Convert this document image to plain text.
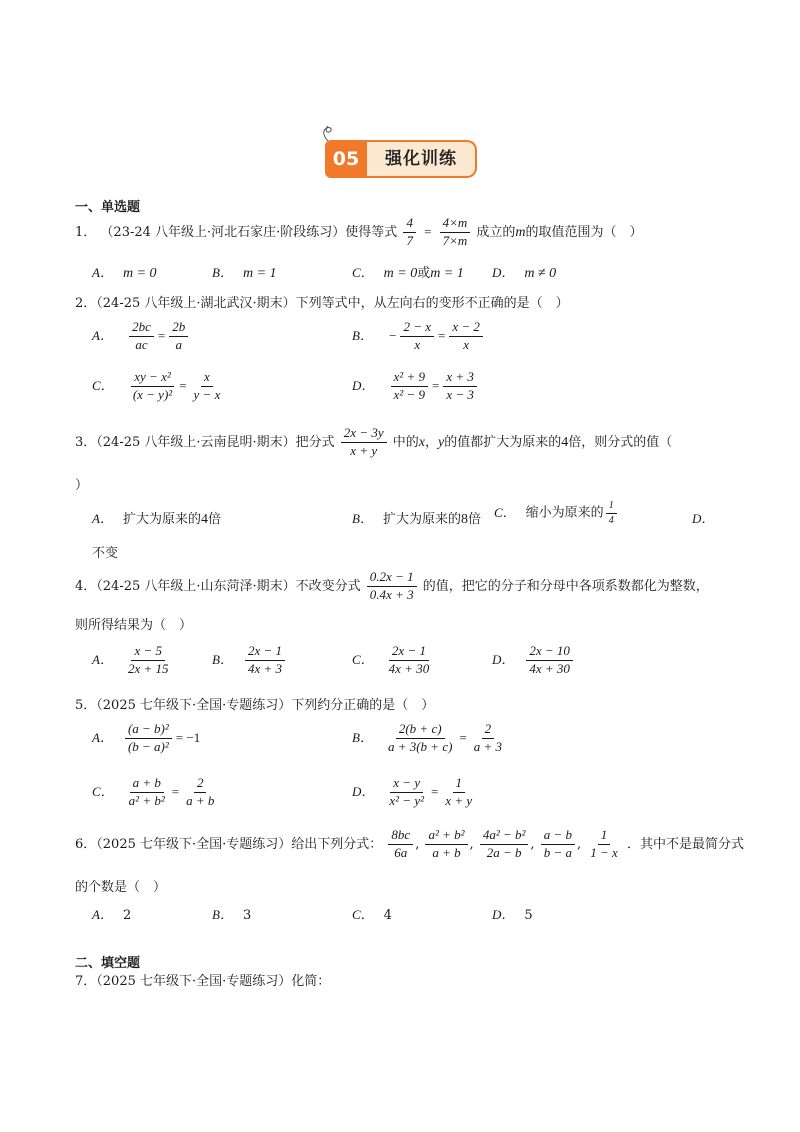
05	强化训练
一、单选题
1． （23-24 八年级上·河北石家庄·阶段练习）使得等式 $\frac{4}{7} = \frac{4\times m}{7\times m}$ 成立的m的取值范围为（　）
A． m = 0	B． m = 1	C． m = 0或m = 1 D． m ≠ 0
2．（24-25 八年级上·湖北武汉·期末）下列等式中，从左向右的变形不正确的是（　）
A． $\frac{2bc}{ac} = \frac{2b}{a}$	B． − $\frac{2 - x}{x} = \frac{x - 2}{x}$
C． $\frac{\text{xy − x²}}{\text{(x − y)²}} = \frac{x}{y - x}$	D． $\frac{\text{x² + 9}}{\text{x² − 9}} = \frac{x + 3}{x - 3}$
3．（24-25 八年级上·云南昆明·期末）把分式 $\frac{2x - 3y}{x + y}$ 中的x，y的值都扩大为原来的4倍，则分式的值（
）
A． 扩大为原来的4倍	B． 扩大为原来的8倍 C． 缩小为原来的 $\frac{1}{4}$	D．
不变
4．（24-25 八年级上·山东菏泽·期末）不改变分式 $\frac{0.2x - 1}{0.4x + 3}$ 的值，把它的分子和分母中各项系数都化为整数，
则所得结果为（　）
A． $\frac{x - 5}{2x + 15}$	B． $\frac{2x - 1}{4x + 3}$	C． $\frac{2x - 1}{4x + 30}$	D． $\frac{2x - 10}{4x + 30}$
5．（2025 七年级下·全国·专题练习）下列约分正确的是（　）
A． $\frac{\text{(a − b)²}}{\text{(b − a)²}} = -1$	B． $\frac{2(b + c)}{a + 3(b + c)} = \frac{2}{a + 3}$
C． $\frac{a + b}{\text{a² + b²}} = \frac{2}{a + b}$	D． $\frac{x - y}{\text{x² − y²}} = \frac{1}{x + y}$
6．（2025 七年级下·全国·专题练习）给出下列分式： $\frac{8bc}{6a}$ , $\frac{\text{a² + b²}}{a + b}$ , $\frac{\text{4a² − b²}}{2a - b}$ , $\frac{a - b}{b - a}$ , $\frac{1}{1 - x}$ ．其中不是最简分式
的个数是（　）
A． 2	B． 3	C． 4	D． 5
二、填空题
7．（2025 七年级下·全国·专题练习）化简：
